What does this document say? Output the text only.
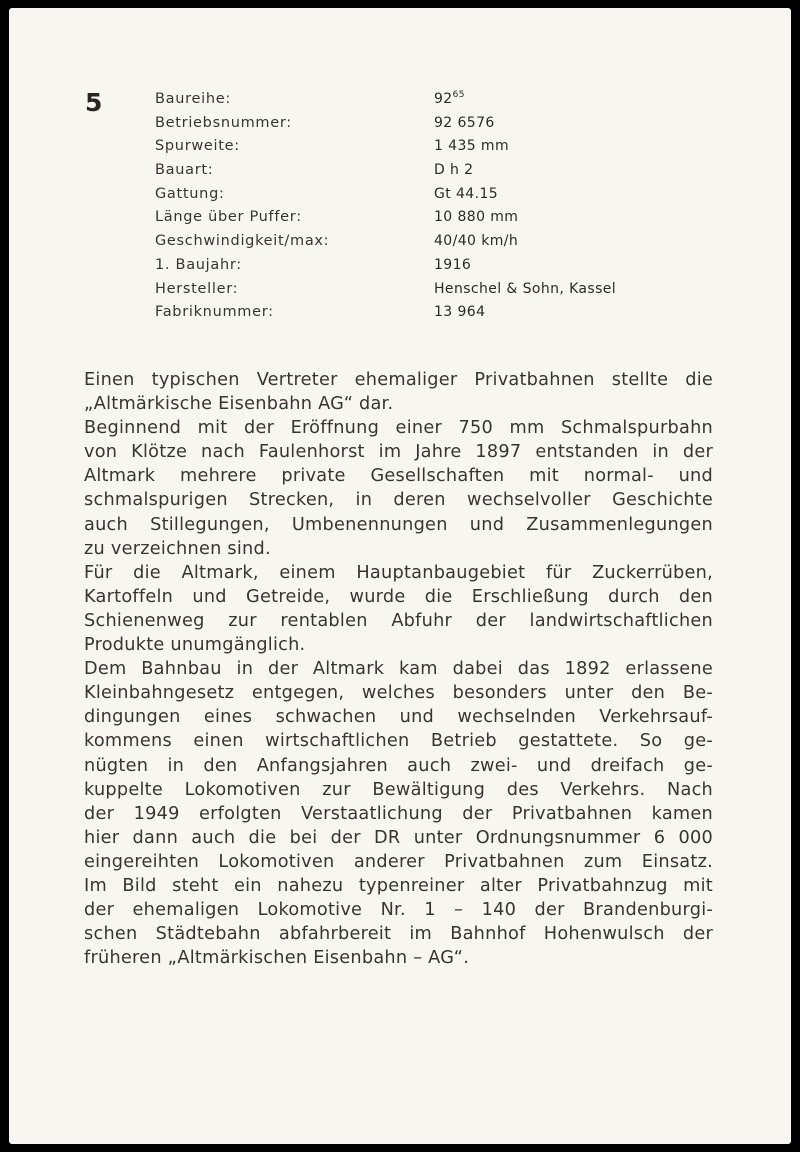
5	Baureihe:	$92^{65}$
Betriebsnummer:	92 6576
Spurweite:	1 435 mm
Bauart:	D h 2
Gattung:	Gt 44.15
Länge über Puffer:	10 880 mm
Geschwindigkeit/max:	40/40 km/h
1. Baujahr:	1916
Hersteller:	Henschel & Sohn, Kassel
Fabriknummer:	13 964
Einen typischen Vertreter ehemaliger Privatbahnen stellte die
„Altmärkische Eisenbahn AG“ dar.
Beginnend mit der Eröffnung einer 750 mm Schmalspurbahn
von Klötze nach Faulenhorst im Jahre 1897 entstanden in der
Altmark mehrere private Gesellschaften mit normal- und
schmalspurigen Strecken, in deren wechselvoller Geschichte
auch Stillegungen, Umbenennungen und Zusammenlegungen
zu verzeichnen sind.
Für die Altmark, einem Hauptanbaugebiet für Zuckerrüben,
Kartoffeln und Getreide, wurde die Erschließung durch den
Schienenweg zur rentablen Abfuhr der landwirtschaftlichen
Produkte unumgänglich.
Dem Bahnbau in der Altmark kam dabei das 1892 erlassene
Kleinbahngesetz entgegen, welches besonders unter den Be-
dingungen eines schwachen und wechselnden Verkehrsauf-
kommens einen wirtschaftlichen Betrieb gestattete. So ge-
nügten in den Anfangsjahren auch zwei- und dreifach ge-
kuppelte Lokomotiven zur Bewältigung des Verkehrs. Nach
der 1949 erfolgten Verstaatlichung der Privatbahnen kamen
hier dann auch die bei der DR unter Ordnungsnummer 6 000
eingereihten Lokomotiven anderer Privatbahnen zum Einsatz.
Im Bild steht ein nahezu typenreiner alter Privatbahnzug mit
der ehemaligen Lokomotive Nr. 1 – 140 der Brandenburgi-
schen Städtebahn abfahrbereit im Bahnhof Hohenwulsch der
früheren „Altmärkischen Eisenbahn – AG“.
